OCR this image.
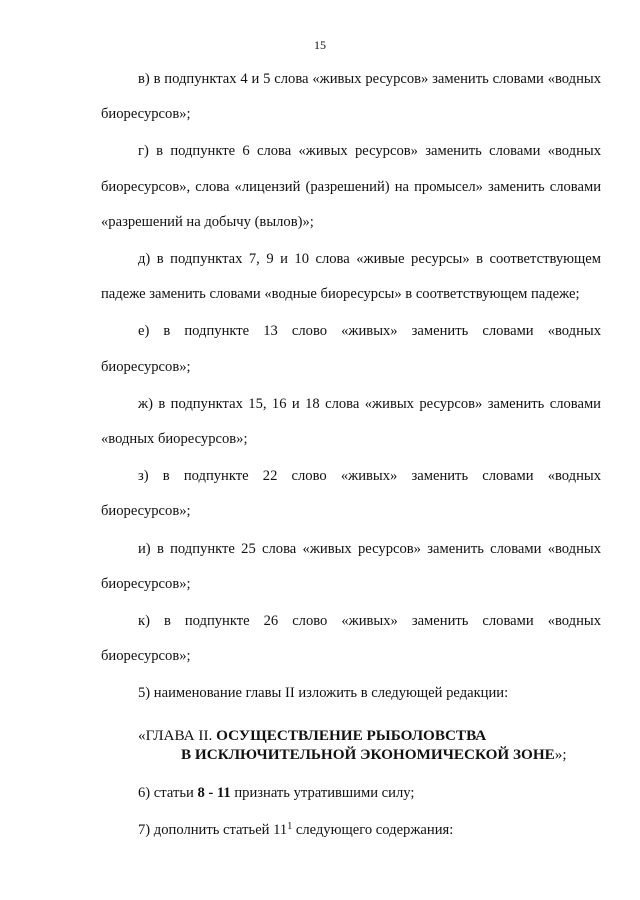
15

в) в подпунктах 4 и 5 слова «живых ресурсов» заменить словами «водных биоресурсов»;

г) в подпункте 6 слова «живых ресурсов» заменить словами «водных биоресурсов», слова «лицензий (разрешений) на промысел» заменить словами «разрешений на добычу (вылов)»;

д) в подпунктах 7, 9 и 10 слова «живые ресурсы» в соответствующем падеже заменить словами «водные биоресурсы» в соответствующем падеже;

е) в подпункте 13 слово «живых» заменить словами «водных биоресурсов»;

ж) в подпунктах 15, 16 и 18 слова «живых ресурсов» заменить словами «водных биоресурсов»;

з) в подпункте 22 слово «живых» заменить словами «водных биоресурсов»;

и) в подпункте 25 слова «живых ресурсов» заменить словами «водных биоресурсов»;

к) в подпункте 26 слово «живых» заменить словами «водных биоресурсов»;

5) наименование главы II изложить в следующей редакции:

«ГЛАВА II. ОСУЩЕСТВЛЕНИЕ РЫБОЛОВСТВА
В ИСКЛЮЧИТЕЛЬНОЙ ЭКОНОМИЧЕСКОЙ ЗОНЕ»;

6) статьи 8 - 11 признать утратившими силу;

7) дополнить статьей $11^1$ следующего содержания:
